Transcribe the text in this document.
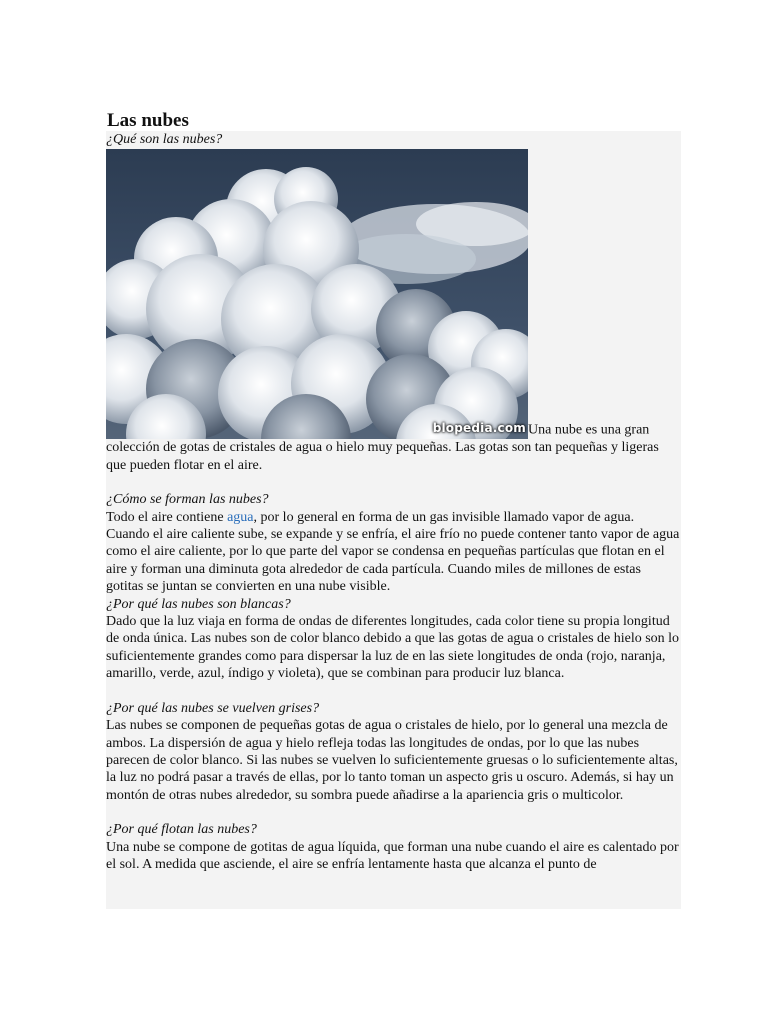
Las nubes

¿Qué son las nubes?

blopedia.com Una nube es una gran colección de gotas de cristales de agua o hielo muy pequeñas. Las gotas son tan pequeñas y ligeras que pueden flotar en el aire.

¿Cómo se forman las nubes?

Todo el aire contiene agua, por lo general en forma de un gas invisible llamado vapor de agua. Cuando el aire caliente sube, se expande y se enfría, el aire frío no puede contener tanto vapor de agua como el aire caliente, por lo que parte del vapor se condensa en pequeñas partículas que flotan en el aire y forman una diminuta gota alrededor de cada partícula. Cuando miles de millones de estas gotitas se juntan se convierten en una nube visible.

¿Por qué las nubes son blancas?

Dado que la luz viaja en forma de ondas de diferentes longitudes, cada color tiene su propia longitud de onda única. Las nubes son de color blanco debido a que las gotas de agua o cristales de hielo son lo suficientemente grandes como para dispersar la luz de en las siete longitudes de onda (rojo, naranja, amarillo, verde, azul, índigo y violeta), que se combinan para producir luz blanca.

¿Por qué las nubes se vuelven grises?

Las nubes se componen de pequeñas gotas de agua o cristales de hielo, por lo general una mezcla de ambos. La dispersión de agua y hielo refleja todas las longitudes de ondas, por lo que las nubes parecen de color blanco. Si las nubes se vuelven lo suficientemente gruesas o lo suficientemente altas, la luz no podrá pasar a través de ellas, por lo tanto toman un aspecto gris u oscuro. Además, si hay un montón de otras nubes alrededor, su sombra puede añadirse a la apariencia gris o multicolor.

¿Por qué flotan las nubes?

Una nube se compone de gotitas de agua líquida, que forman una nube cuando el aire es calentado por el sol. A medida que asciende, el aire se enfría lentamente hasta que alcanza el punto de
